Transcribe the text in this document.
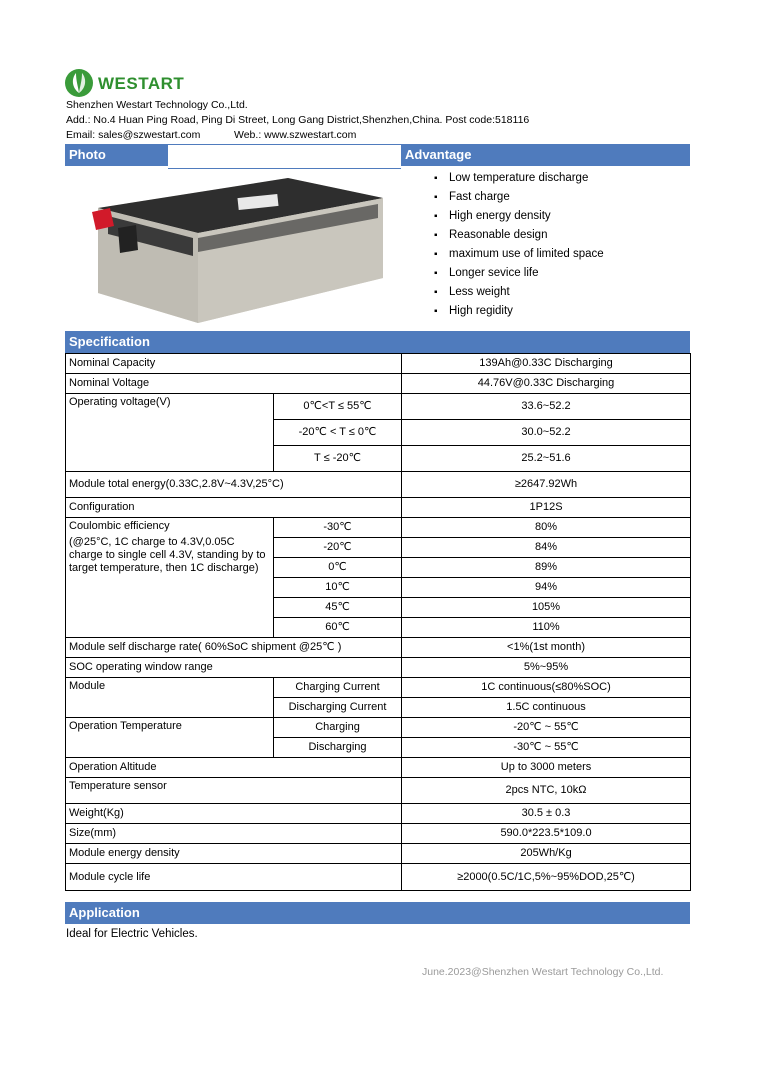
WESTART
Shenzhen Westart Technology Co.,Ltd.
Add.: No.4 Huan Ping Road, Ping Di Street, Long Gang District,Shenzhen,China. Post code:518116
Email: sales@szwestart.com	Web.: www.szwestart.com
Photo	Advantage
▪ Low temperature discharge
▪ Fast charge
▪ High energy density
▪ Reasonable design
▪ maximum use of limited space
▪ Longer sevice life
▪ Less weight
▪ High regidity
Specification
Nominal Capacity		139Ah@0.33C Discharging
Nominal Voltage		44.76V@0.33C Discharging
Operating voltage(V)	0℃<T ≤ 55℃	33.6~52.2
	-20℃ < T ≤ 0℃	30.0~52.2
	T ≤ -20℃	25.2~51.6
Module total energy(0.33C,2.8V~4.3V,25°C)		≥2647.92Wh
Configuration		1P12S

Coulombic efficiency
(@25°C, 1C charge to 4.3V,0.05C charge to single cell 4.3V, standing by to target temperature, then 1C discharge)	-30℃	80%
	-20℃	84%
	0℃	89%
	10℃	94%
	45℃	105%
	60℃	110%
Module self discharge rate( 60%SoC shipment @25℃ )		<1%(1st month)
SOC operating window range		5%~95%
Module	Charging Current	1C continuous(≤80%SOC)
	Discharging Current	1.5C continuous
Operation Temperature	Charging	-20℃ ~ 55℃
	Discharging	-30℃ ~ 55℃
Operation Altitude		Up to 3000 meters
Temperature sensor		2pcs NTC, 10kΩ
Weight(Kg)		30.5 ± 0.3
Size(mm)		590.0*223.5*109.0
Module energy density		205Wh/Kg
Module cycle life		≥2000(0.5C/1C,5%~95%DOD,25℃)
Application
Ideal for Electric Vehicles.
June.2023@Shenzhen Westart Technology Co.,Ltd.
